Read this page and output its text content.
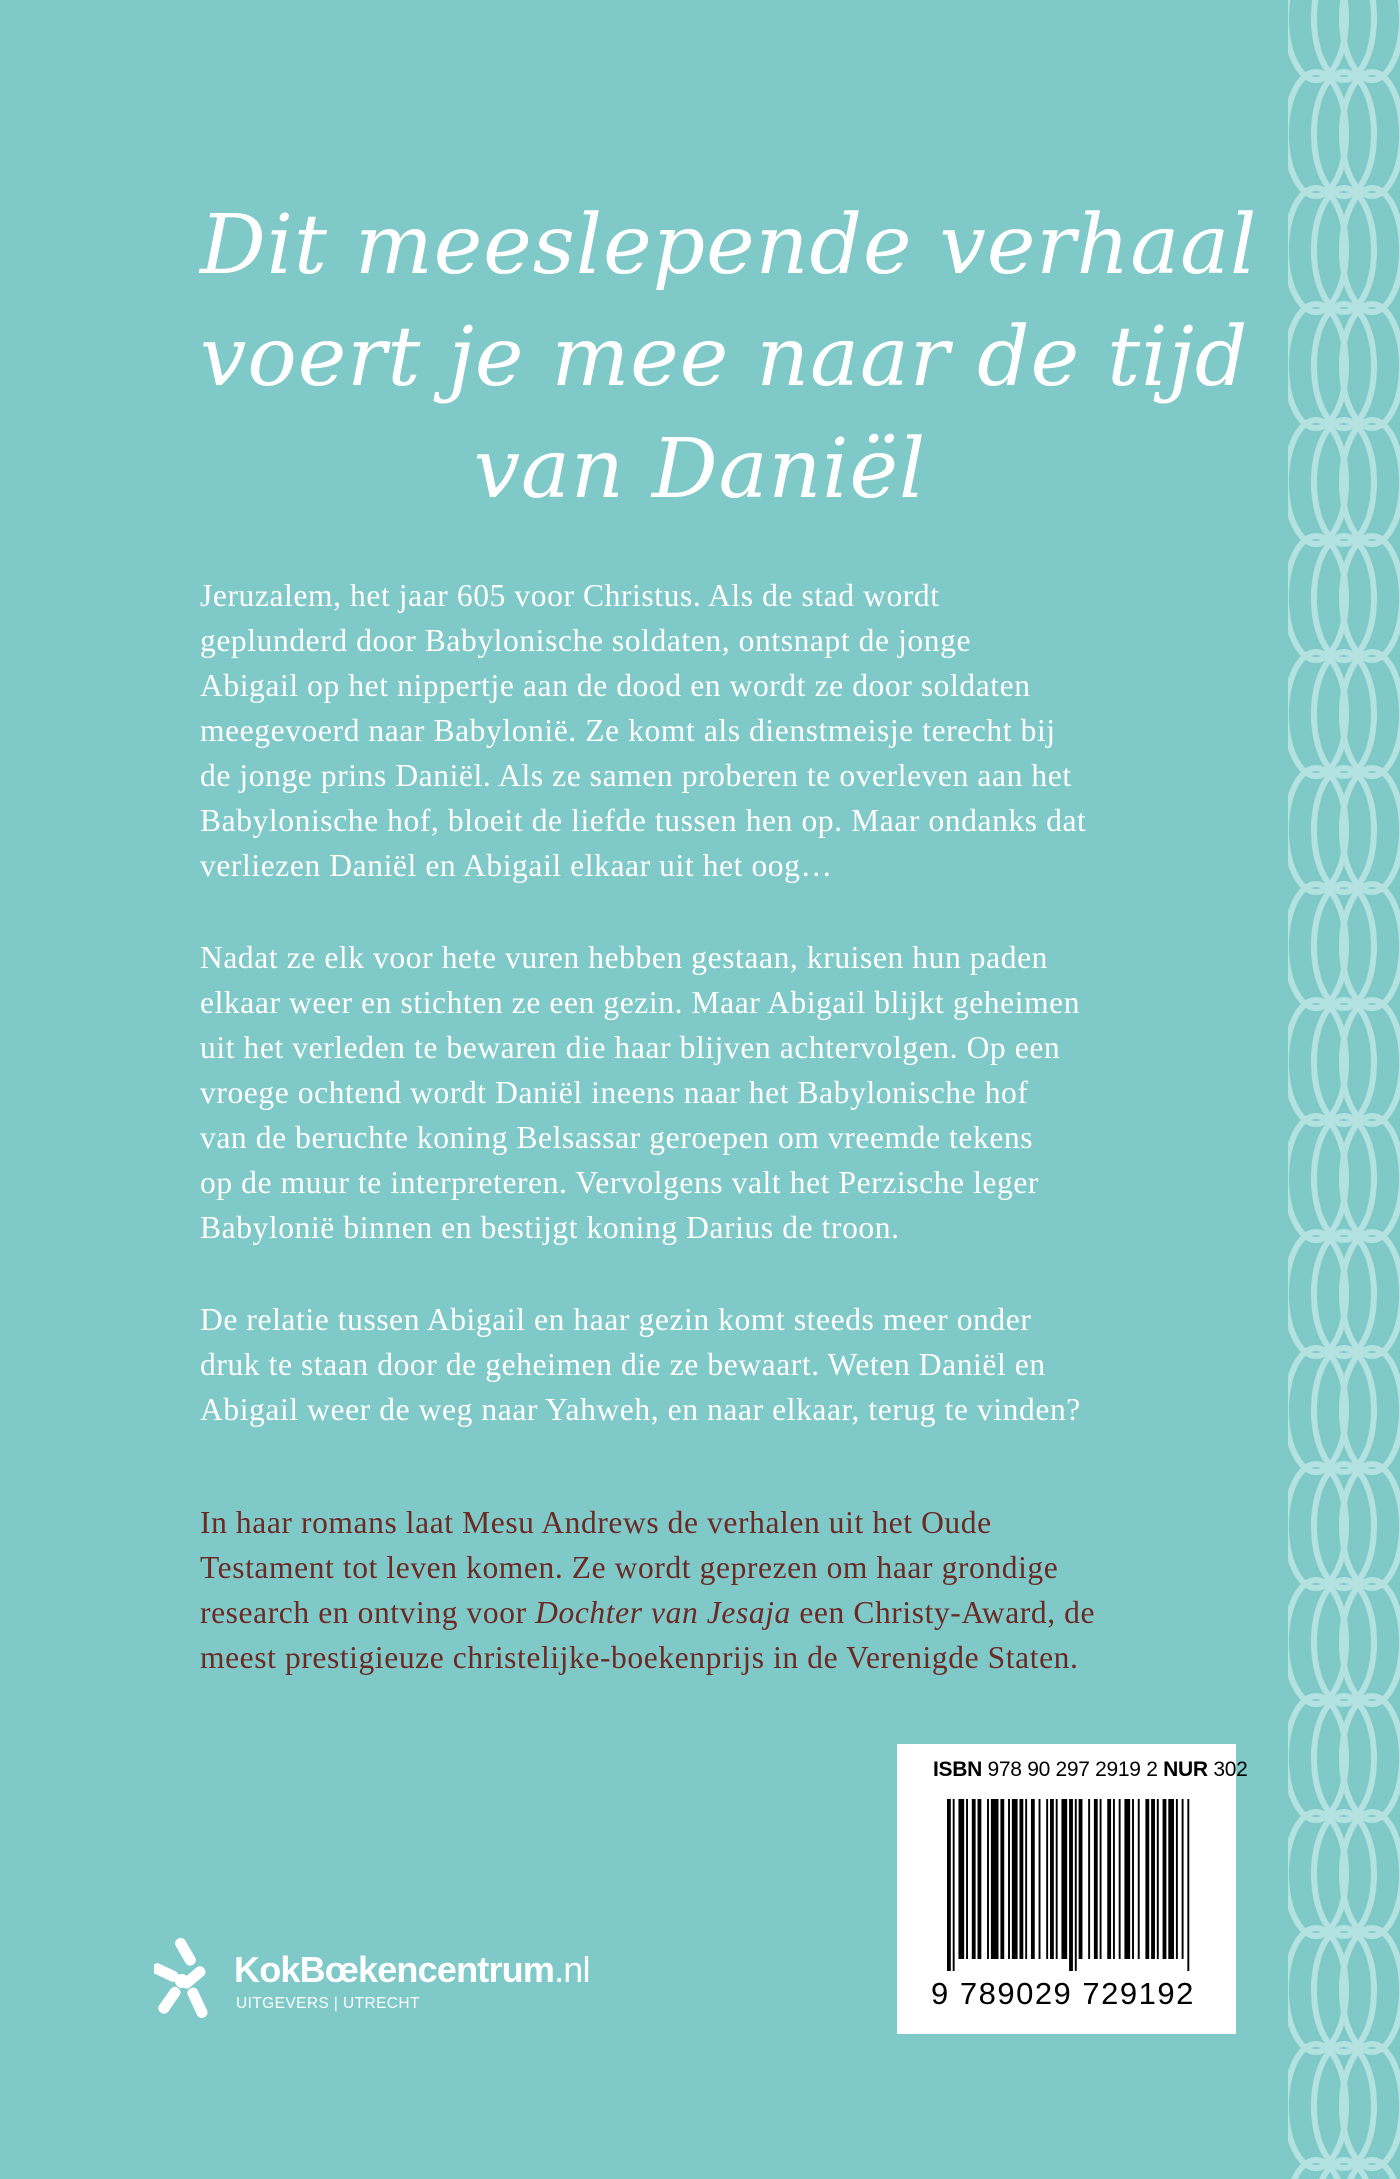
Dit meeslepende verhaal
voert je mee naar de tijd
van Daniël
Jeruzalem, het jaar 605 voor Christus. Als de stad wordt
geplunderd door Babylonische soldaten, ontsnapt de jonge
Abigail op het nippertje aan de dood en wordt ze door soldaten
meegevoerd naar Babylonië. Ze komt als dienstmeisje terecht bij
de jonge prins Daniël. Als ze samen proberen te overleven aan het
Babylonische hof, bloeit de liefde tussen hen op. Maar ondanks dat
verliezen Daniël en Abigail elkaar uit het oog…
Nadat ze elk voor hete vuren hebben gestaan, kruisen hun paden
elkaar weer en stichten ze een gezin. Maar Abigail blijkt geheimen
uit het verleden te bewaren die haar blijven achtervolgen. Op een
vroege ochtend wordt Daniël ineens naar het Babylonische hof
van de beruchte koning Belsassar geroepen om vreemde tekens
op de muur te interpreteren. Vervolgens valt het Perzische leger
Babylonië binnen en bestijgt koning Darius de troon.
De relatie tussen Abigail en haar gezin komt steeds meer onder
druk te staan door de geheimen die ze bewaart. Weten Daniël en
Abigail weer de weg naar Yahweh, en naar elkaar, terug te vinden?
In haar romans laat Mesu Andrews de verhalen uit het Oude
Testament tot leven komen. Ze wordt geprezen om haar grondige
research en ontving voor Dochter van Jesaja een Christy-Award, de
meest prestigieuze christelijke-boekenprijs in de Verenigde Staten.
ISBN 978 90 297 2919 2 NUR 302
9 789029 729192
KokBœkencentrum.nl
UITGEVERS | UTRECHT
